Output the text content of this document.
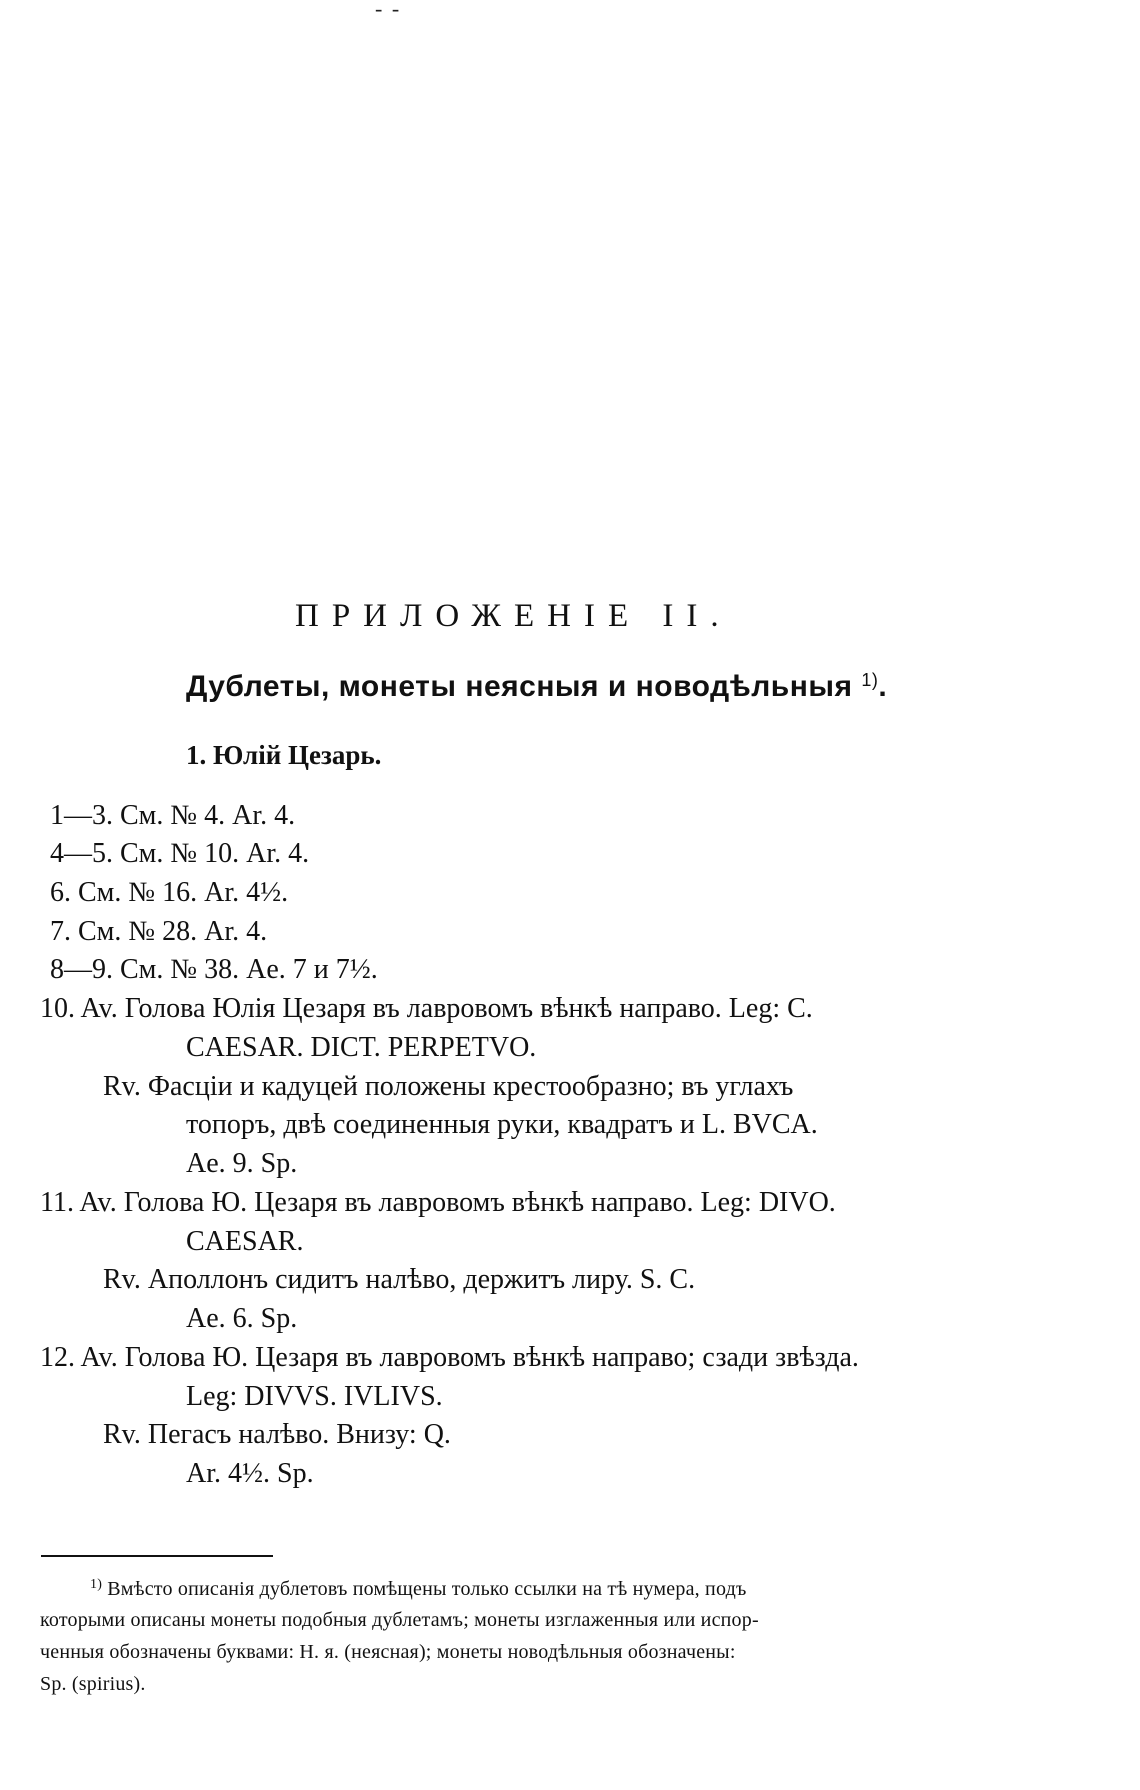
- -
ПРИЛОЖЕНІЕ II.
Дублеты, монеты неясныя и новодѣльныя $^{1)}$.
1. Юлій Цезарь.
1—3. См. № 4. Ar. 4.
4—5. См. № 10. Ar. 4.
6. См. № 16. Ar. 4½.
7. См. № 28. Ar. 4.
8—9. См. № 38. Ae. 7 и 7½.
10. Av. Голова Юлія Цезаря въ лавровомъ вѣнкѣ направо. Leg: C.
CAESAR. DICT. PERPETVO.
Rv. Фасціи и кадуцей положены крестообразно; въ углахъ
топоръ, двѣ соединенныя руки, квадратъ и L. BVCA.
Ae. 9. Sp.
11. Av. Голова Ю. Цезаря въ лавровомъ вѣнкѣ направо. Leg: DIVO.
CAESAR.
Rv. Аполлонъ сидитъ налѣво, держитъ лиру. S. C.
Ae. 6. Sp.
12. Av. Голова Ю. Цезаря въ лавровомъ вѣнкѣ направо; сзади звѣзда.
Leg: DIVVS. IVLIVS.
Rv. Пегасъ налѣво. Внизу: Q.
Ar. 4½. Sp.
$^{1)}$ Вмѣсто описанія дублетовъ помѣщены только ссылки на тѣ нумера, подъ
которыми описаны монеты подобныя дублетамъ; монеты изглаженныя или испор-
ченныя обозначены буквами: Н. я. (неясная); монеты новодѣльныя обозначены:
Sp. (spirius).
